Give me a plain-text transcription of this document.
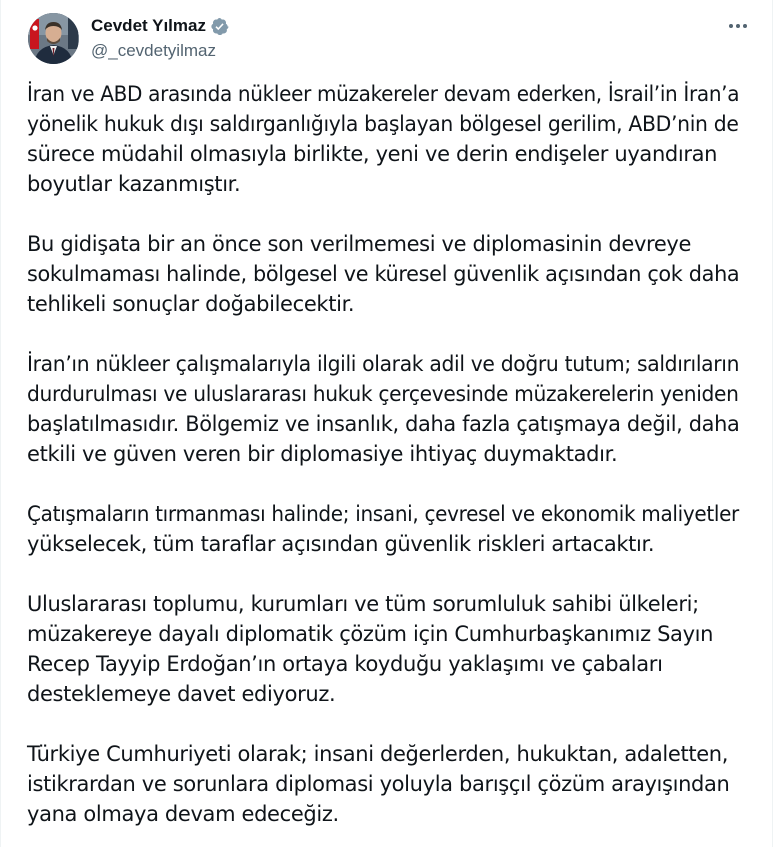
Cevdet Yılmaz
@_cevdetyilmaz
İran ve ABD arasında nükleer müzakereler devam ederken, İsrail’in İran’a
yönelik hukuk dışı saldırganlığıyla başlayan bölgesel gerilim, ABD’nin de
sürece müdahil olmasıyla birlikte, yeni ve derin endişeler uyandıran
boyutlar kazanmıştır.
Bu gidişata bir an önce son verilmemesi ve diplomasinin devreye
sokulmaması halinde, bölgesel ve küresel güvenlik açısından çok daha
tehlikeli sonuçlar doğabilecektir.
İran’ın nükleer çalışmalarıyla ilgili olarak adil ve doğru tutum; saldırıların
durdurulması ve uluslararası hukuk çerçevesinde müzakerelerin yeniden
başlatılmasıdır. Bölgemiz ve insanlık, daha fazla çatışmaya değil, daha
etkili ve güven veren bir diplomasiye ihtiyaç duymaktadır.
Çatışmaların tırmanması halinde; insani, çevresel ve ekonomik maliyetler
yükselecek, tüm taraflar açısından güvenlik riskleri artacaktır.
Uluslararası toplumu, kurumları ve tüm sorumluluk sahibi ülkeleri;
müzakereye dayalı diplomatik çözüm için Cumhurbaşkanımız Sayın
Recep Tayyip Erdoğan’ın ortaya koyduğu yaklaşımı ve çabaları
desteklemeye davet ediyoruz.
Türkiye Cumhuriyeti olarak; insani değerlerden, hukuktan, adaletten,
istikrardan ve sorunlara diplomasi yoluyla barışçıl çözüm arayışından
yana olmaya devam edeceğiz.
